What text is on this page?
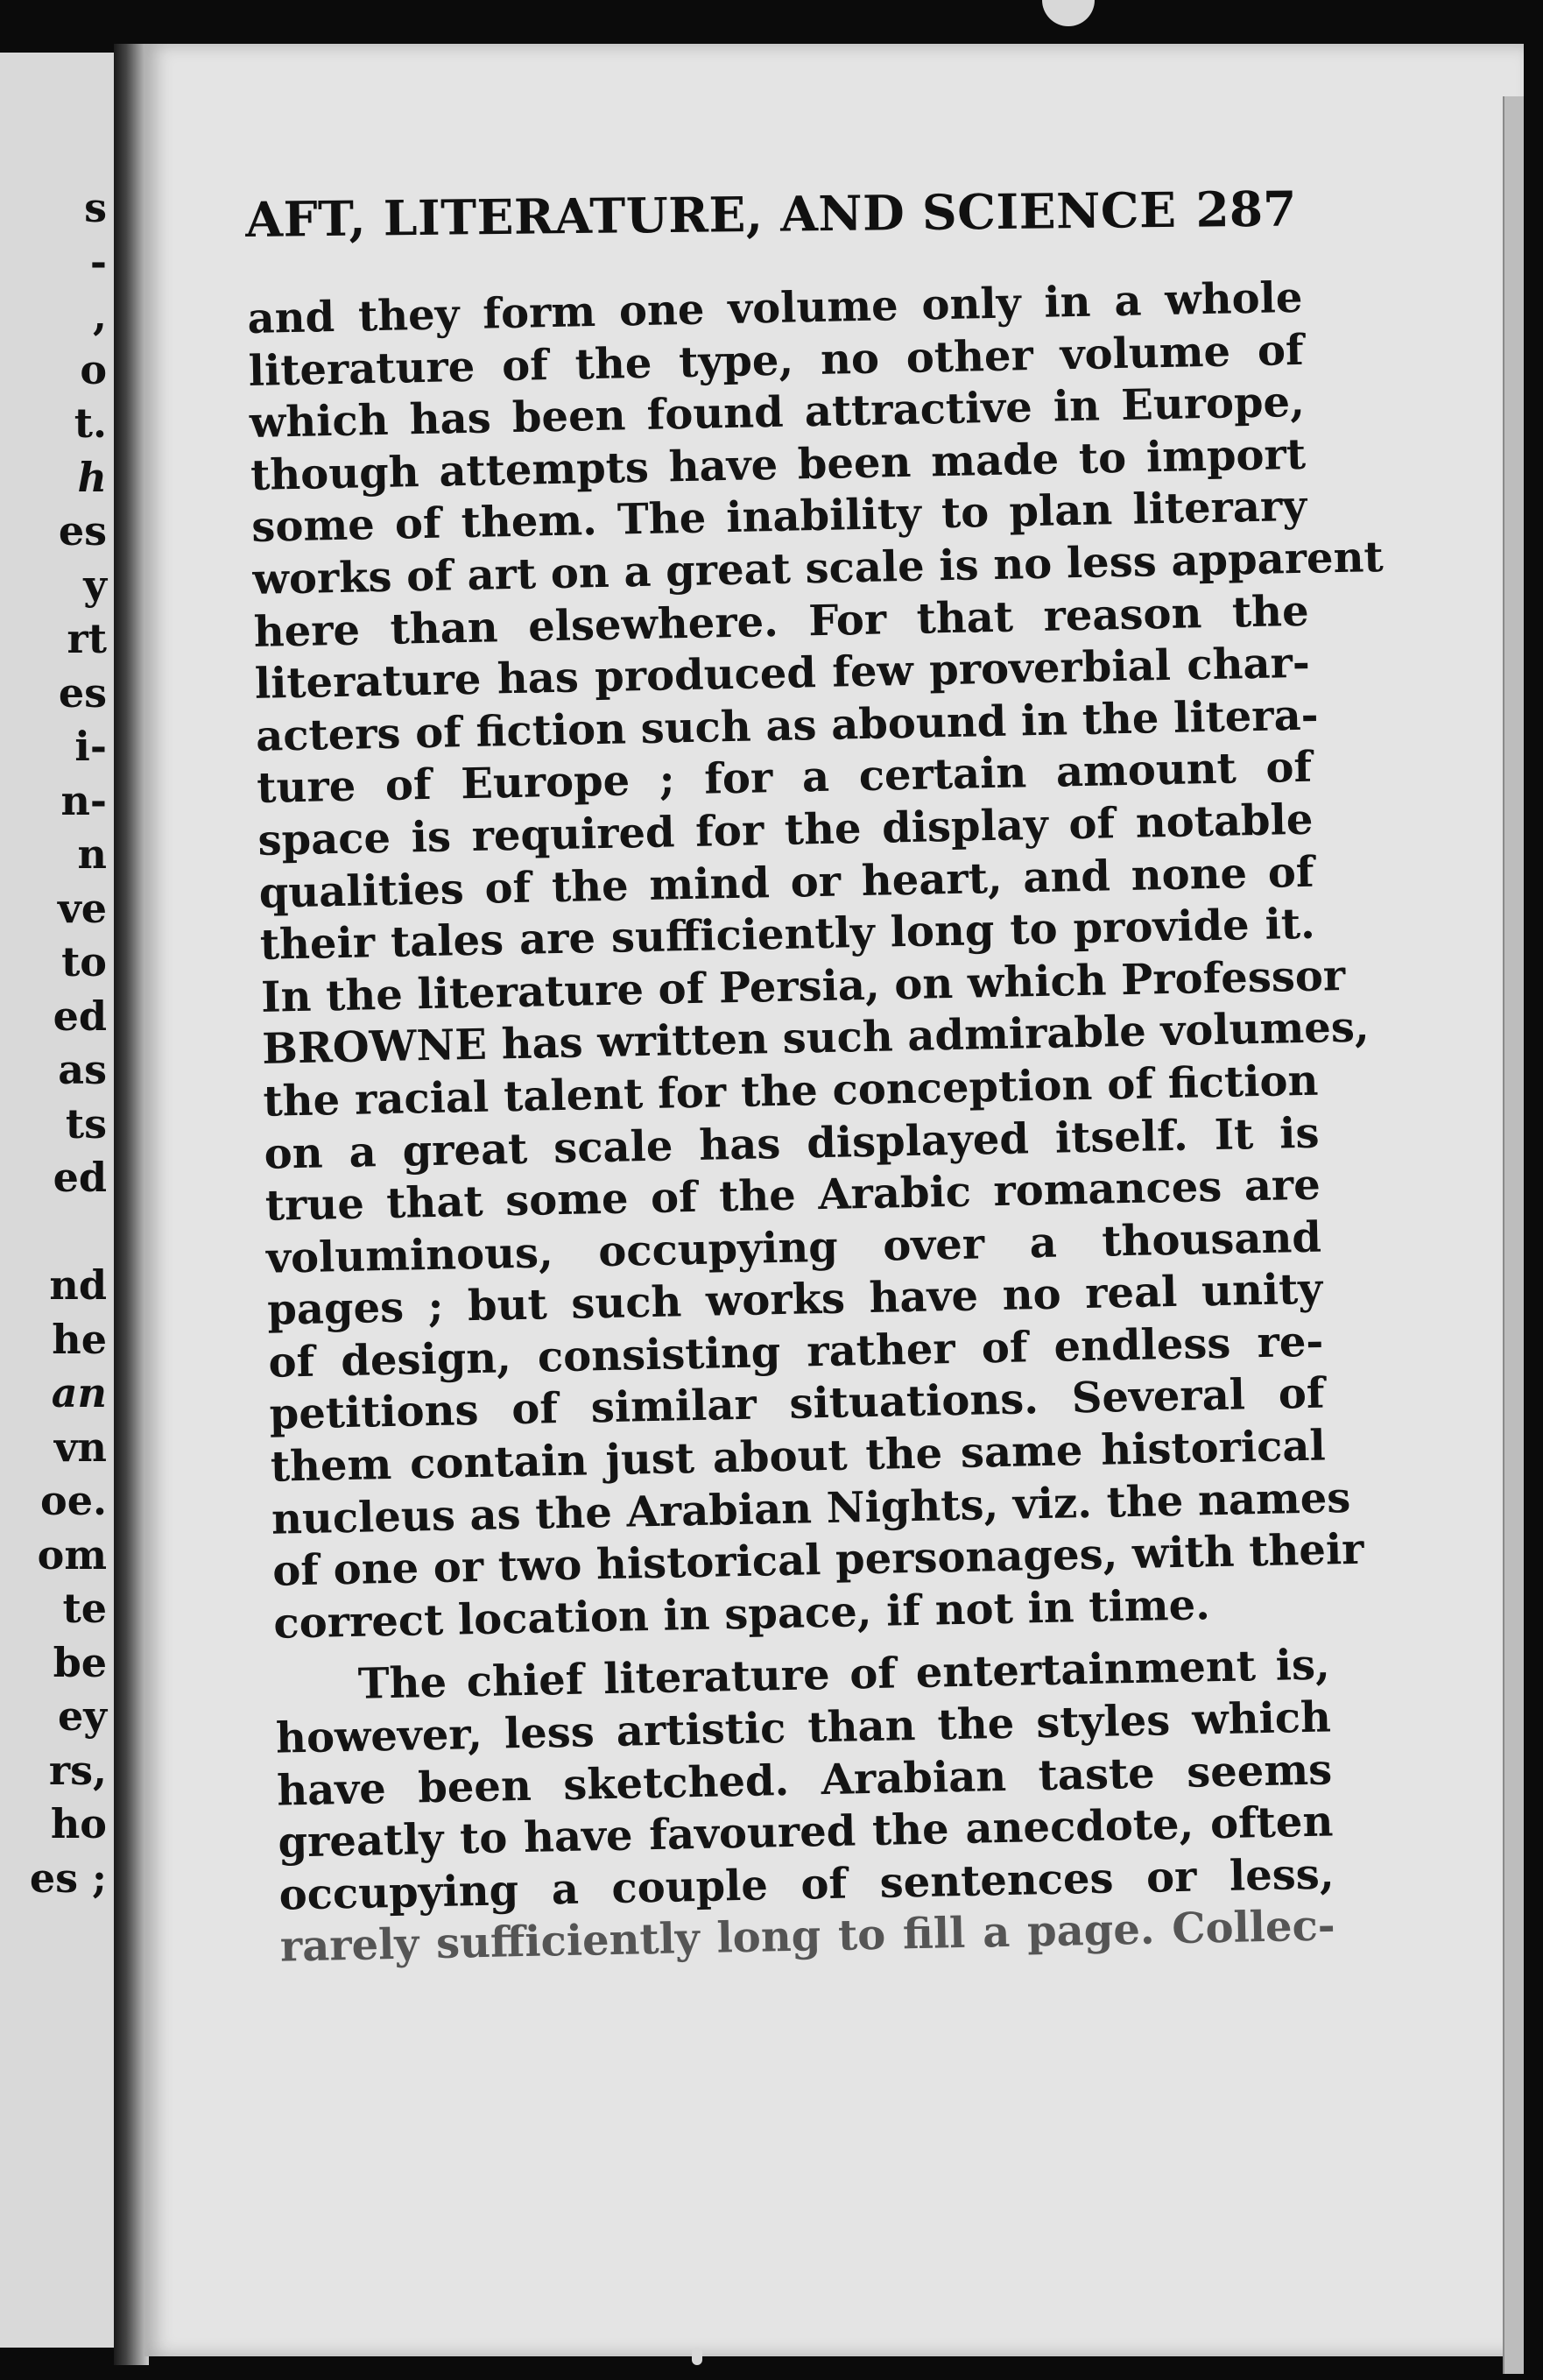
s
-
,
o
t.
h
es
y
rt
es
i-
n-
n
ve
to
ed
as
ts
ed
nd
he
an
vn
oe.
om
te
be
ey
rs,
ho
es ;
AFT, LITERATURE, AND SCIENCE 287
and they form one volume only in a whole
literature of the type, no other volume of
which has been found attractive in Europe,
though attempts have been made to import
some of them. The inability to plan literary
works of art on a great scale is no less apparent
here than elsewhere. For that reason the
literature has produced few proverbial char-
acters of fiction such as abound in the litera-
ture of Europe ; for a certain amount of
space is required for the display of notable
qualities of the mind or heart, and none of
their tales are sufficiently long to provide it.
In the literature of Persia, on which Professor
BROWNE has written such admirable volumes,
the racial talent for the conception of fiction
on a great scale has displayed itself. It is
true that some of the Arabic romances are
voluminous, occupying over a thousand
pages ; but such works have no real unity
of design, consisting rather of endless re-
petitions of similar situations. Several of
them contain just about the same historical
nucleus as the Arabian Nights, viz. the names
of one or two historical personages, with their
correct location in space, if not in time.
The chief literature of entertainment is,
however, less artistic than the styles which
have been sketched. Arabian taste seems
greatly to have favoured the anecdote, often
occupying a couple of sentences or less,
rarely sufficiently long to fill a page. Collec-
